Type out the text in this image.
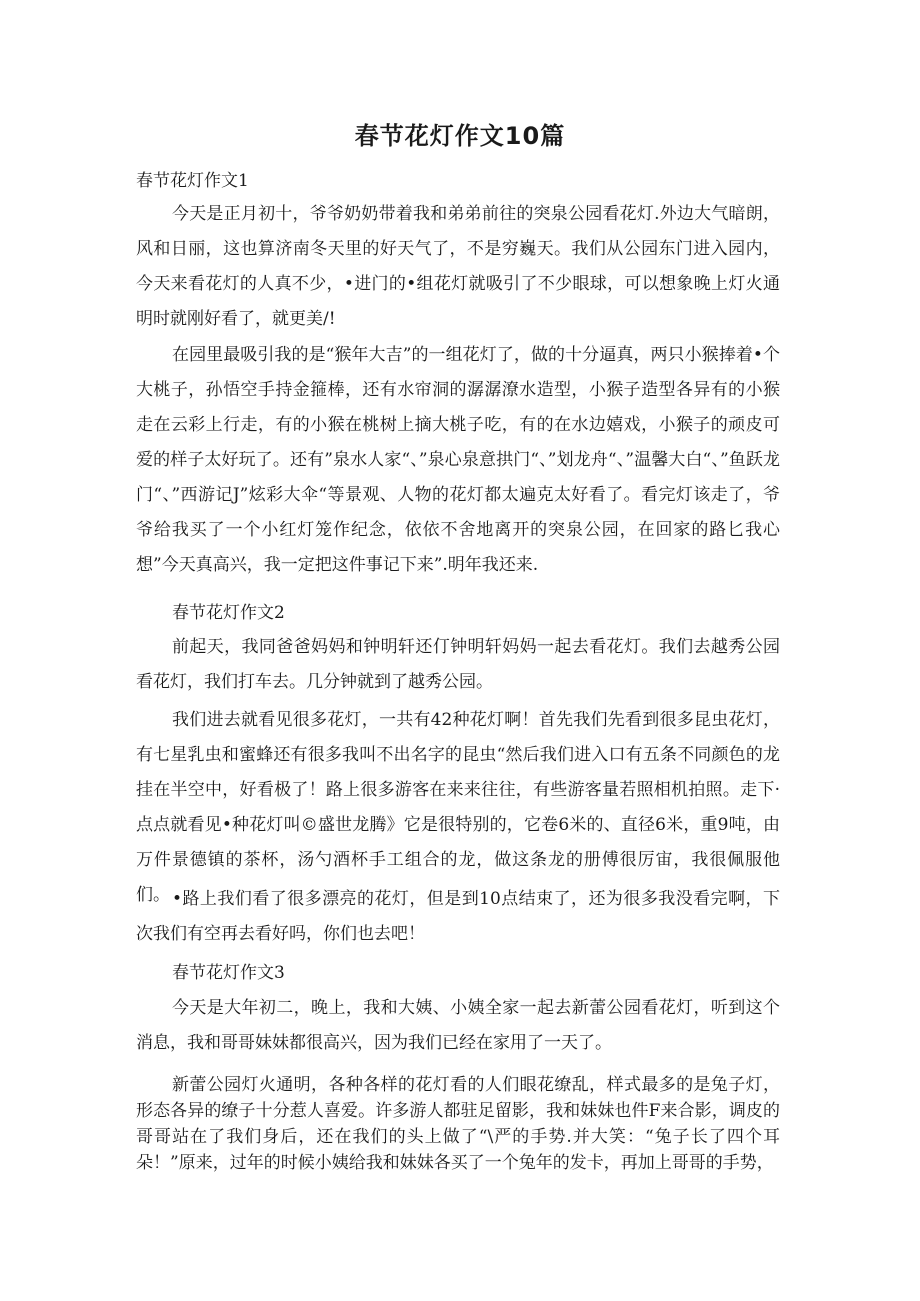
春节花灯作文10篇

春节花灯作文1

今天是正月初十，爷爷奶奶带着我和弟弟前往的突泉公园看花灯.外边大气暗朗，风和日丽，这也算济南冬天里的好天气了，不是穷巍天。我们从公园东门进入园内，今天来看花灯的人真不少，•进门的•组花灯就吸引了不少眼球，可以想象晚上灯火通明时就刚好看了，就更美/!

在园里最吸引我的是“猴年大吉”的一组花灯了，做的十分逼真，两只小猴捧着•个大桃子，孙悟空手持金箍棒，还有水帘洞的潺潺潦水造型，小猴子造型各异有的小猴走在云彩上行走，有的小猴在桃树上摘大桃子吃，有的在水边嬉戏，小猴子的顽皮可爱的样子太好玩了。还有”泉水人家“、”泉心泉意拱门“、”划龙舟“、”温馨大白“、”鱼跃龙门“、”西游记J”炫彩大伞“等景观、人物的花灯都太遍克太好看了。看完灯该走了，爷爷给我买了一个小红灯笼作纪念，依依不舍地离开的突泉公园，在回家的路匕我心想”今天真高兴，我一定把这件事记下来”.明年我还来.

春节花灯作文2

前起天，我同爸爸妈妈和钟明轩还仃钟明轩妈妈一起去看花灯。我们去越秀公园看花灯，我们打车去。几分钟就到了越秀公园。

我们进去就看见很多花灯，一共有42种花灯啊！首先我们先看到很多昆虫花灯，有七星乳虫和蜜蜂还有很多我叫不出名字的昆虫“然后我们进入口有五条不同颜色的龙挂在半空中，好看极了！路上很多游客在来来往往，有些游客量若照相机拍照。走下·点点就看见•种花灯叫©盛世龙腾》它是很特别的，它卷6米的、直径6米，重9吨，由万件景德镇的茶杯，汤勺酒杯手工组合的龙，做这条龙的册傅很厉宙，我很佩服他们。 •路上我们看了很多漂亮的花灯，但是到10点结束了，还为很多我没看完啊，下次我们有空再去看好吗，你们也去吧！

春节花灯作文3

今天是大年初二，晚上，我和大姨、小姨全家一起去新蕾公园看花灯，听到这个消息，我和哥哥妹妹都很高兴，因为我们已经在家用了一天了。

新蕾公园灯火通明，各种各样的花灯看的人们眼花缭乱，样式最多的是兔子灯，形态各异的缭子十分惹人喜爱。许多游人都驻足留影，我和妹妹也件F来合影，调皮的哥哥站在了我们身后，还在我们的头上做了“\严的手势.并大笑：“兔子长了四个耳朵！”原来，过年的时候小姨给我和妹妹各买了一个兔年的发卡，再加上哥哥的手势，
